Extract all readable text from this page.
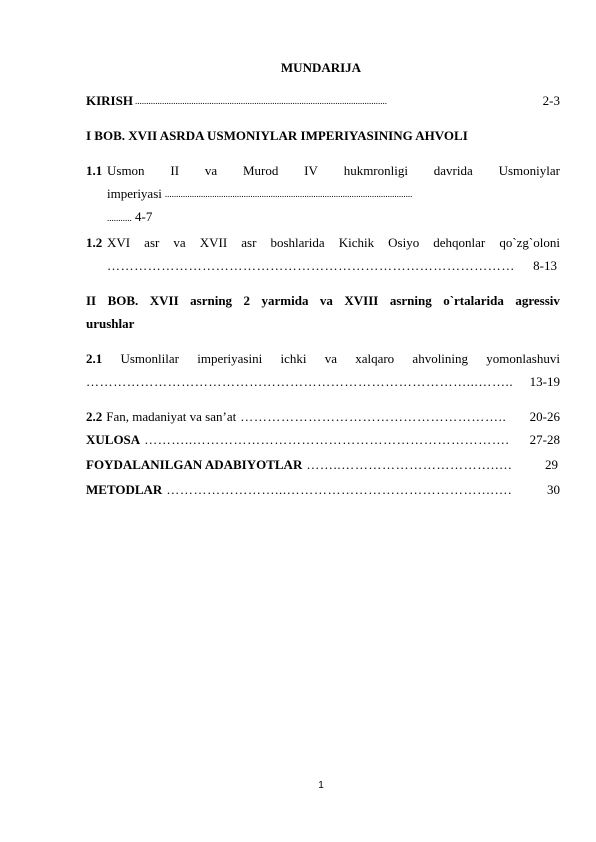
MUNDARIJA
KIRISH ................................................................................................................	2-3
I BOB. XVII ASRDA USMONIYLAR IMPERIYASINING AHVOLI
1.1 Usmon II va Murod IV hukmronligi davrida Usmoniylar
imperiyasi ..............................................................................................................
........... 4-7
1.2 XVI asr va XVII asr boshlarida Kichik Osiyo dehqonlar qo`zg`oloni
………………………………………………………………………………	8-13
II BOB. XVII asrning 2 yarmida va XVIII asrning o`rtalarida agressiv
urushlar
2.1 Usmonlilar imperiyasini ichki va xalqaro ahvolining yomonlashuvi
…………………………………………………………………………...……..	13-19
2.2 Fan, madaniyat va san’at …………………………………………………..	20-26
XULOSA ………..…………………………………………………………….	27-28
FOYDALANILGAN ADABIYOTLAR ……..…………………………….….	29
METODLAR ……………………...……………………………………….….	30
1
